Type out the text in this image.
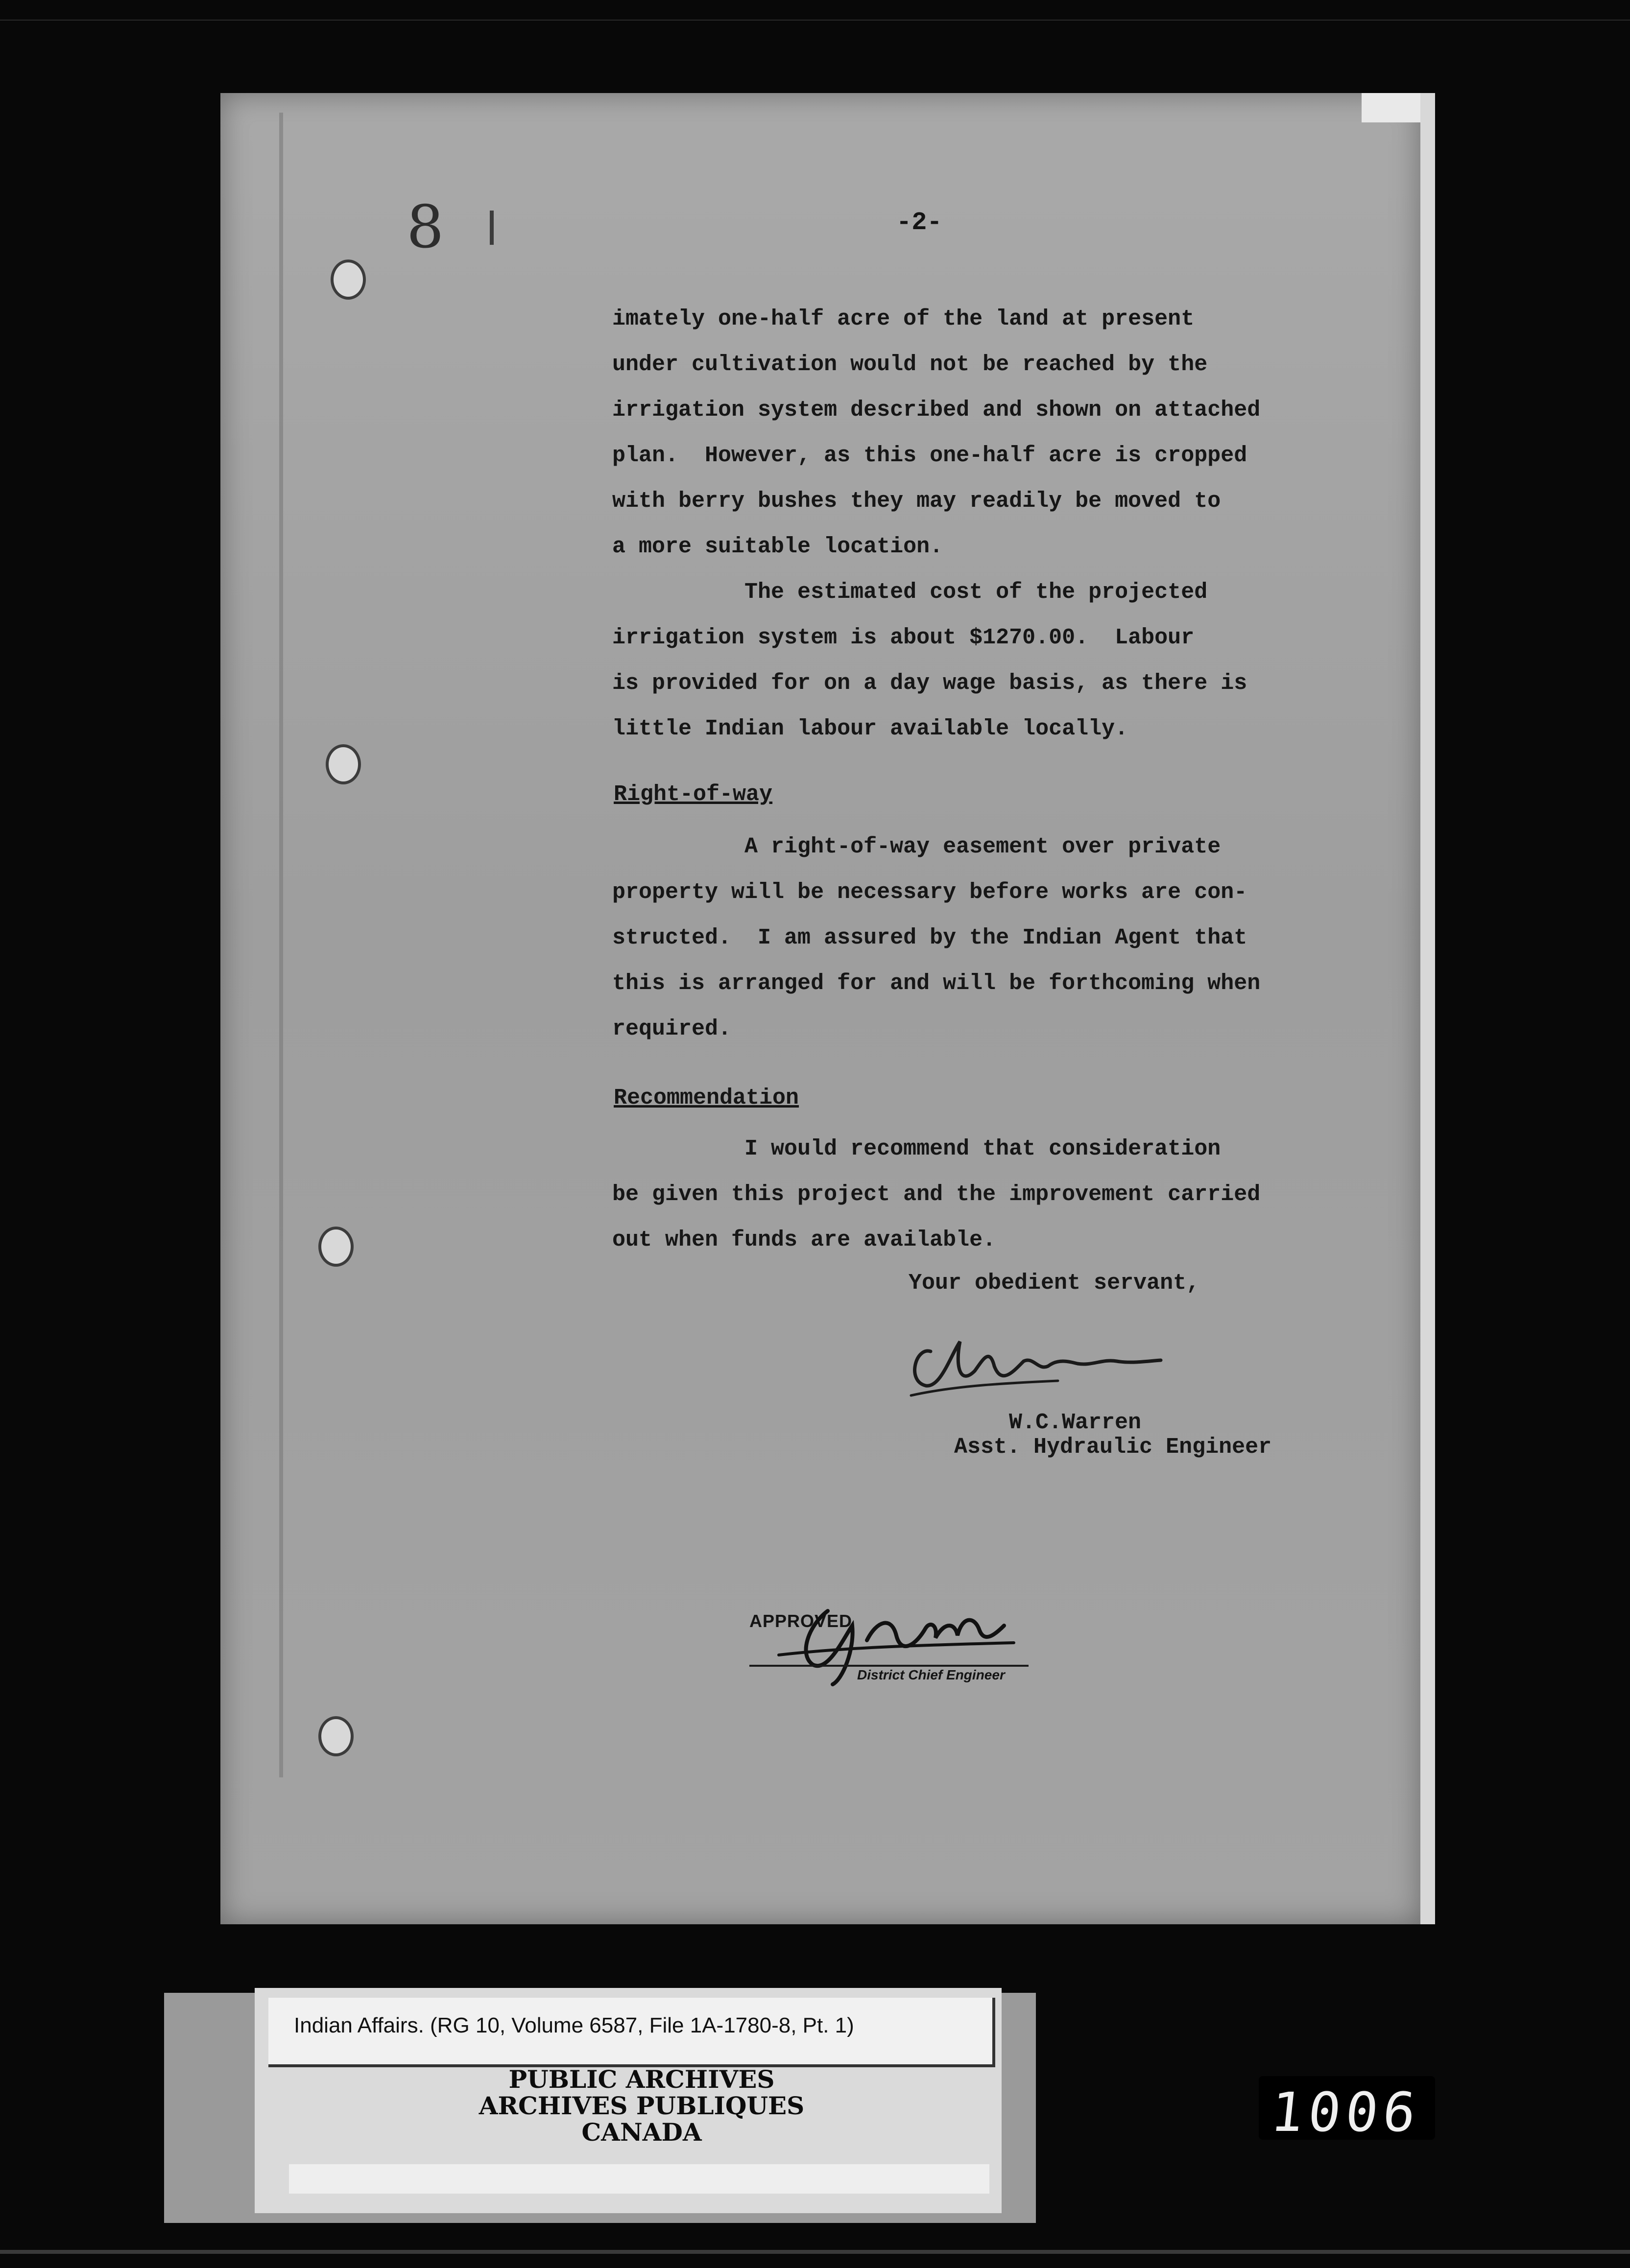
8	-2-
imately one-half acre of the land at present
under cultivation would not be reached by the
irrigation system described and shown on attached
plan.  However, as this one-half acre is cropped
with berry bushes they may readily be moved to
a more suitable location.
The estimated cost of the projected
irrigation system is about $1270.00.  Labour
is provided for on a day wage basis, as there is
little Indian labour available locally.
Right-of-way
A right-of-way easement over private
property will be necessary before works are con-
structed.  I am assured by the Indian Agent that
this is arranged for and will be forthcoming when
required.
Recommendation
I would recommend that consideration
be given this project and the improvement carried
out when funds are available.
Your obedient servant,
W.C.Warren
Asst. Hydraulic Engineer
APPROVED
District Chief Engineer
Indian Affairs. (RG 10, Volume 6587, File 1A-1780-8, Pt. 1)
PUBLIC ARCHIVES
ARCHIVES PUBLIQUES
CANADA	1006
